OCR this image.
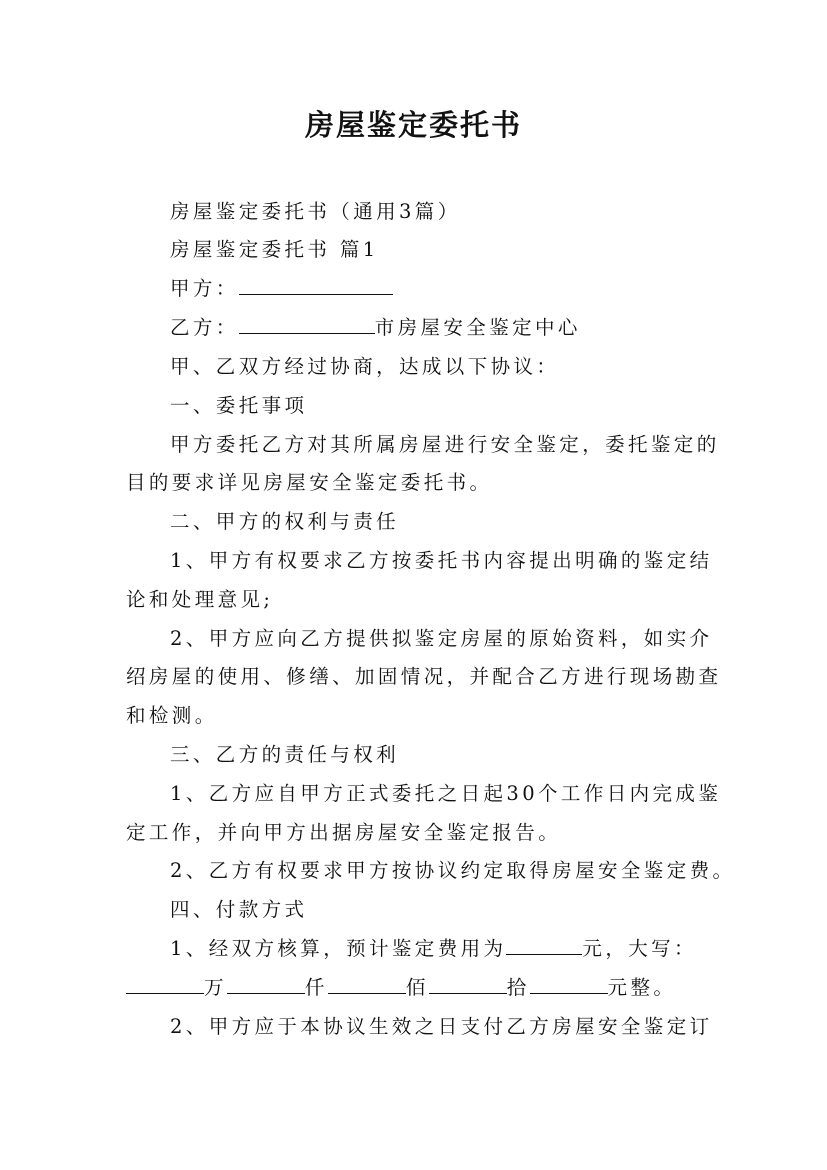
房屋鉴定委托书
房屋鉴定委托书（通用3篇）
房屋鉴定委托书 篇1
甲方：
乙方：	市房屋安全鉴定中心
甲、乙双方经过协商，达成以下协议：
一、委托事项
甲方委托乙方对其所属房屋进行安全鉴定，委托鉴定的
目的要求详见房屋安全鉴定委托书。
二、甲方的权利与责任
1、甲方有权要求乙方按委托书内容提出明确的鉴定结
论和处理意见;
2、甲方应向乙方提供拟鉴定房屋的原始资料，如实介
绍房屋的使用、修缮、加固情况，并配合乙方进行现场勘查
和检测。
三、乙方的责任与权利
1、乙方应自甲方正式委托之日起30个工作日内完成鉴
定工作，并向甲方出据房屋安全鉴定报告。
2、乙方有权要求甲方按协议约定取得房屋安全鉴定费。
四、付款方式
1、经双方核算，预计鉴定费用为	元，大写：
万	仟	佰	拾	元整。
2、甲方应于本协议生效之日支付乙方房屋安全鉴定订
